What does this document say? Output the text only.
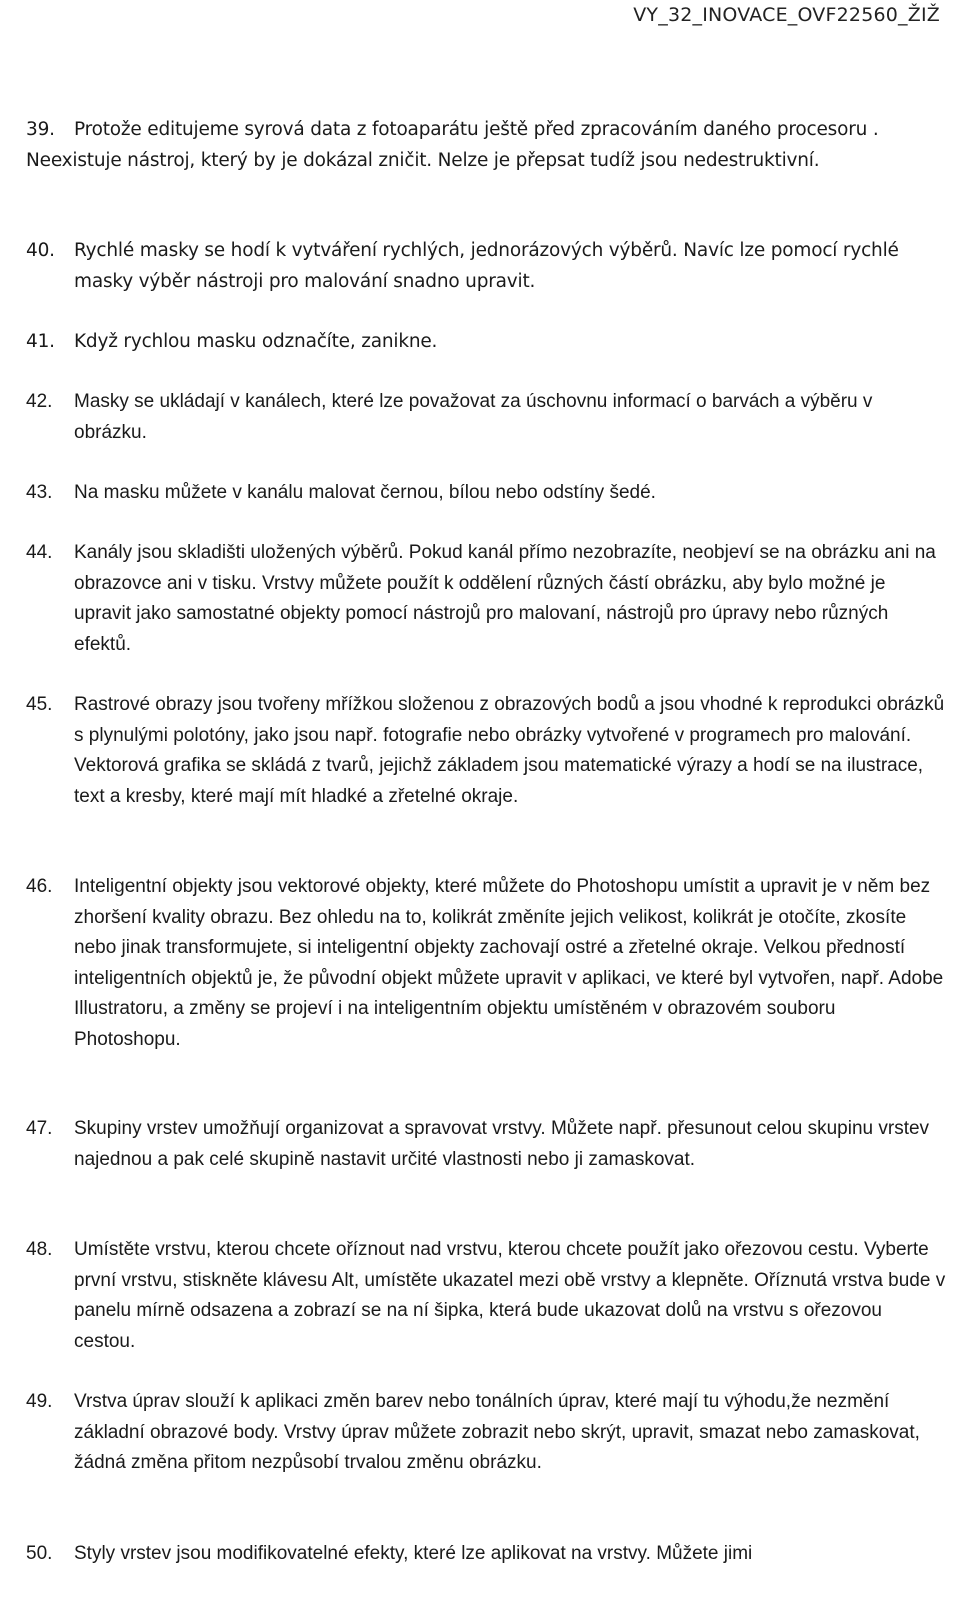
VY_32_INOVACE_OVF22560_ŽIŽ

39.	Protože editujeme syrová data z fotoaparátu ještě před zpracováním daného procesoru . Neexistuje nástroj, který by je dokázal zničit. Nelze je přepsat tudíž jsou nedestruktivní.

40.	Rychlé masky se hodí k vytváření rychlých, jednorázových výběrů. Navíc lze pomocí rychlé masky výběr nástroji pro malování snadno upravit.

41.	Když rychlou masku odznačíte, zanikne.

42.	Masky se ukládají v kanálech, které lze považovat za úschovnu informací o barvách a výběru v obrázku.

43.	Na masku můžete v kanálu malovat černou, bílou nebo odstíny šedé.

44.	Kanály jsou skladišti uložených výběrů. Pokud kanál přímo nezobrazíte, neobjeví se na obrázku ani na obrazovce ani v tisku. Vrstvy můžete použít k oddělení různých částí obrázku, aby bylo možné je upravit jako samostatné objekty pomocí nástrojů pro malovaní, nástrojů pro úpravy nebo různých efektů.

45.	Rastrové obrazy jsou tvořeny mřížkou složenou z obrazových bodů a jsou vhodné k reprodukci obrázků s plynulými polotóny, jako jsou např. fotografie nebo obrázky vytvořené v programech pro malování. Vektorová grafika se skládá z tvarů, jejichž základem jsou matematické výrazy a hodí se na ilustrace, text a kresby, které mají mít hladké a zřetelné okraje.

46.	Inteligentní objekty jsou vektorové objekty, které můžete do Photoshopu umístit a upravit je v něm bez zhoršení kvality obrazu. Bez ohledu na to, kolikrát změníte jejich velikost, kolikrát je otočíte, zkosíte nebo jinak transformujete, si inteligentní objekty zachovají ostré a zřetelné okraje. Velkou předností inteligentních objektů je, že původní objekt můžete upravit v aplikaci, ve které byl vytvořen, např. Adobe Illustratoru, a změny se projeví i na inteligentním objektu umístěném v obrazovém souboru Photoshopu.

47.	Skupiny vrstev umožňují organizovat a spravovat vrstvy. Můžete např. přesunout celou skupinu vrstev najednou a pak celé skupině nastavit určité vlastnosti nebo ji zamaskovat.

48.	Umístěte vrstvu, kterou chcete oříznout nad vrstvu, kterou chcete použít jako ořezovou cestu. Vyberte první vrstvu, stiskněte klávesu Alt, umístěte ukazatel mezi obě vrstvy a klepněte. Oříznutá vrstva bude v panelu mírně odsazena a zobrazí se na ní šipka, která bude ukazovat dolů na vrstvu s ořezovou cestou.

49.	Vrstva úprav slouží k aplikaci změn barev nebo tonálních úprav, které mají tu výhodu,že nezmění základní obrazové body. Vrstvy úprav můžete zobrazit nebo skrýt, upravit, smazat nebo zamaskovat, žádná změna přitom nezpůsobí trvalou změnu obrázku.

50.	Styly vrstev jsou modifikovatelné efekty, které lze aplikovat na vrstvy. Můžete jimi
